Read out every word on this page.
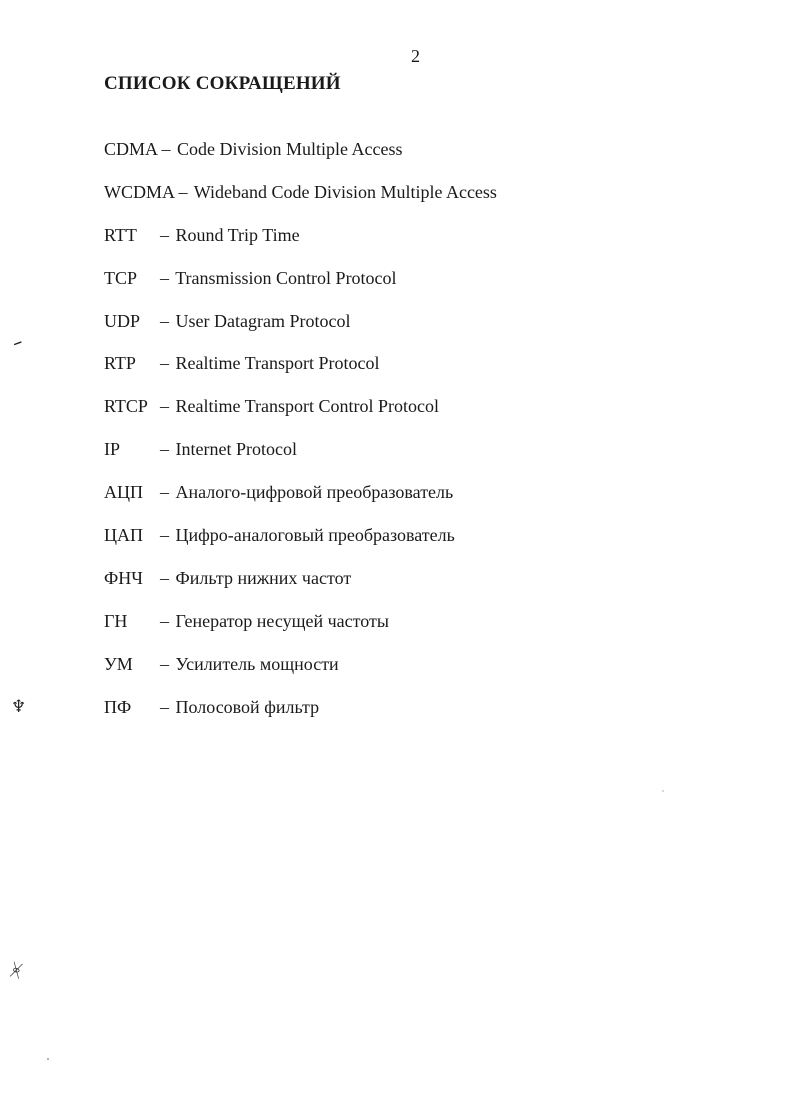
2
СПИСОК СОКРАЩЕНИЙ
CDMA – Code Division Multiple Access
WCDMA – Wideband Code Division Multiple Access
RTT – Round Trip Time
TCP – Transmission Control Protocol
UDP – User Datagram Protocol
RTP – Realtime Transport Protocol
RTCP – Realtime Transport Control Protocol
IP – Internet Protocol
АЦП – Аналого-цифровой преобразователь
ЦАП – Цифро-аналоговый преобразователь
ФНЧ – Фильтр нижних частот
ГН – Генератор несущей частоты
УМ – Усилитель мощности
ПФ – Полосовой фильтр
ⲻ
♆
ᚸ
